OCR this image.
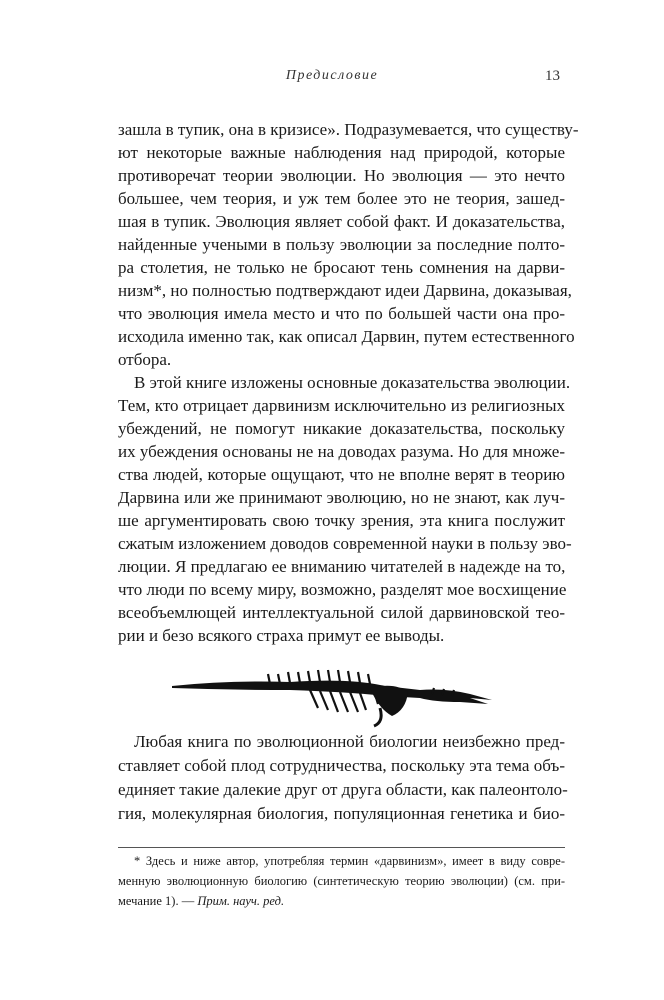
Предисловие	13
зашла в тупик, она в кризисе». Подразумевается, что существу-
ют некоторые важные наблюдения над природой, которые
противоречат теории эволюции. Но эволюция — это нечто
большее, чем теория, и уж тем более это не теория, зашед-
шая в тупик. Эволюция являет собой факт. И доказательства,
найденные учеными в пользу эволюции за последние полто-
ра столетия, не только не бросают тень сомнения на дарви-
низм*, но полностью подтверждают идеи Дарвина, доказывая,
что эволюция имела место и что по большей части она про-
исходила именно так, как описал Дарвин, путем естественного
отбора.
В этой книге изложены основные доказательства эволюции.
Тем, кто отрицает дарвинизм исключительно из религиозных
убеждений, не помогут никакие доказательства, поскольку
их убеждения основаны не на доводах разума. Но для множе-
ства людей, которые ощущают, что не вполне верят в теорию
Дарвина или же принимают эволюцию, но не знают, как луч-
ше аргументировать свою точку зрения, эта книга послужит
сжатым изложением доводов современной науки в пользу эво-
люции. Я предлагаю ее вниманию читателей в надежде на то,
что люди по всему миру, возможно, разделят мое восхищение
всеобъемлющей интеллектуальной силой дарвиновской тео-
рии и безо всякого страха примут ее выводы.
Любая книга по эволюционной биологии неизбежно пред-
ставляет собой плод сотрудничества, поскольку эта тема объ-
единяет такие далекие друг от друга области, как палеонтоло-
гия, молекулярная биология, популяционная генетика и био-
* Здесь и ниже автор, употребляя термин «дарвинизм», имеет в виду совре-
менную эволюционную биологию (синтетическую теорию эволюции) (см. при-
мечание 1). — Прим. науч. ред.
